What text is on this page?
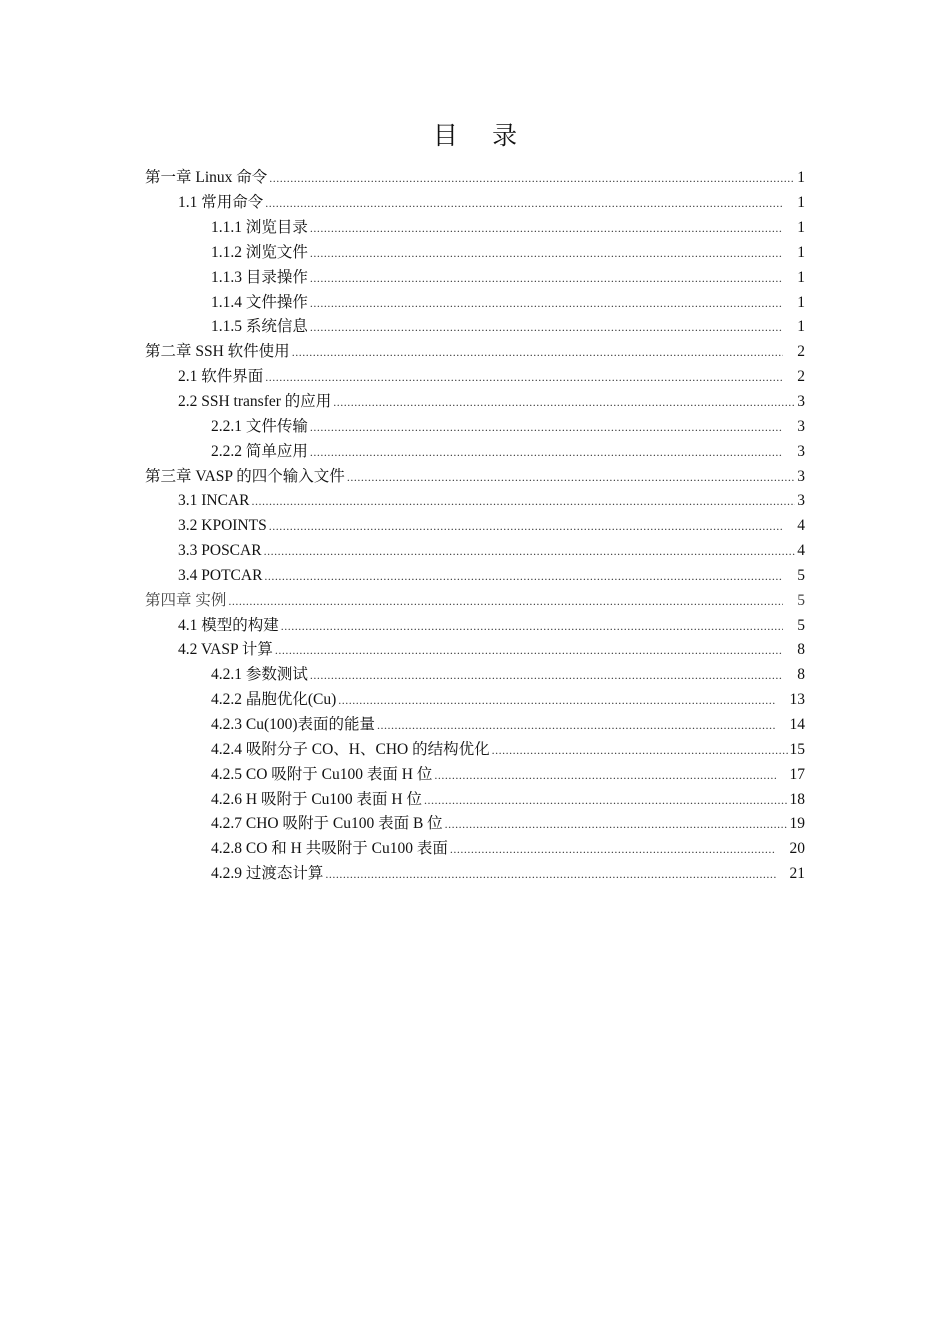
目 录
第一章 Linux 命令 .....	1
1.1 常用命令 .....	1
1.1.1 浏览目录 .....	1
1.1.2 浏览文件 .....	1
1.1.3 目录操作 .....	1
1.1.4 文件操作 .....	1
1.1.5 系统信息 .....	1
第二章 SSH 软件使用 .....	2
2.1 软件界面 .....	2
2.2 SSH transfer 的应用 .....	3
2.2.1 文件传输 .....	3
2.2.2 简单应用 .....	3
第三章 VASP 的四个输入文件 .....	3
3.1 INCAR .....	3
3.2 KPOINTS .....	4
3.3 POSCAR .....	4
3.4 POTCAR .....	5
第四章 实例 .....	5
4.1 模型的构建 .....	5
4.2 VASP 计算 .....	8
4.2.1 参数测试 .....	8
4.2.2 晶胞优化(Cu) .....	13
4.2.3 Cu(100)表面的能量 .....	14
4.2.4 吸附分子 CO、H、CHO 的结构优化 .....	15
4.2.5 CO 吸附于 Cu100 表面 H 位 .....	17
4.2.6 H 吸附于 Cu100 表面 H 位 .....	18
4.2.7 CHO 吸附于 Cu100 表面 B 位 .....	19
4.2.8 CO 和 H 共吸附于 Cu100 表面 .....	20
4.2.9 过渡态计算 .....	21
